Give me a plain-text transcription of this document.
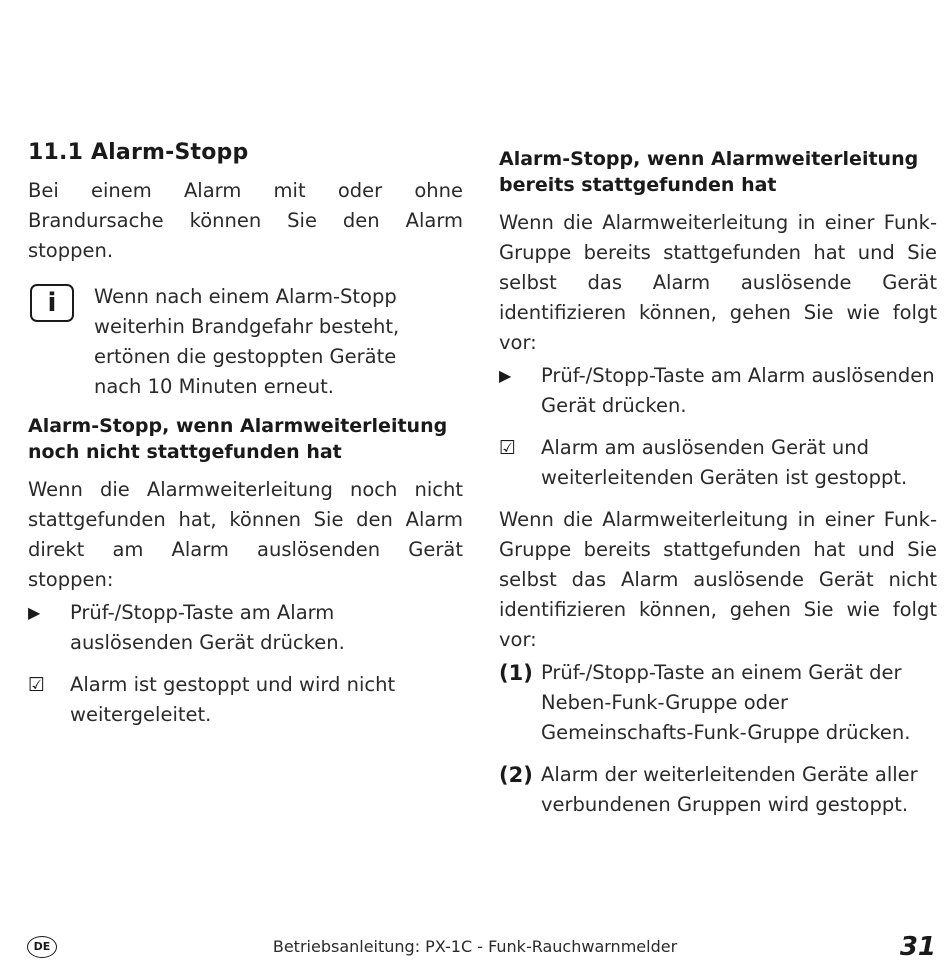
11.1 Alarm-Stopp

Bei einem Alarm mit oder ohne Brandursache können Sie den Alarm stoppen.

i	Wenn nach einem Alarm-Stopp weiterhin Brandgefahr besteht, ertönen die gestoppten Geräte nach 10 Minuten erneut.
Alarm-Stopp, wenn Alarmweiterleitung noch nicht stattgefunden hat

Wenn die Alarmweiterleitung noch nicht stattgefunden hat, können Sie den Alarm direkt am Alarm auslösenden Gerät stoppen:

▶	Prüf-/Stopp-Taste am Alarm auslösenden Gerät drücken.
☑	Alarm ist gestoppt und wird nicht weitergeleitet.
Alarm-Stopp, wenn Alarmweiterleitung bereits stattgefunden hat

Wenn die Alarmweiterleitung in einer Funk-Gruppe bereits stattgefunden hat und Sie selbst das Alarm auslösende Gerät identifizieren können, gehen Sie wie folgt vor:

▶	Prüf-/Stopp-Taste am Alarm auslösenden Gerät drücken.
☑	Alarm am auslösenden Gerät und weiterleitenden Geräten ist gestoppt.

Wenn die Alarmweiterleitung in einer Funk-Gruppe bereits stattgefunden hat und Sie selbst das Alarm auslösende Gerät nicht identifizieren können, gehen Sie wie folgt vor:

(1) Prüf-/Stopp-Taste an einem Gerät der Neben-Funk-Gruppe oder Gemeinschafts-Funk-Gruppe drücken.
(2) Alarm der weiterleitenden Geräte aller verbundenen Gruppen wird gestoppt.
DE	Betriebsanleitung: PX-1C - Funk-Rauchwarnmelder	31
